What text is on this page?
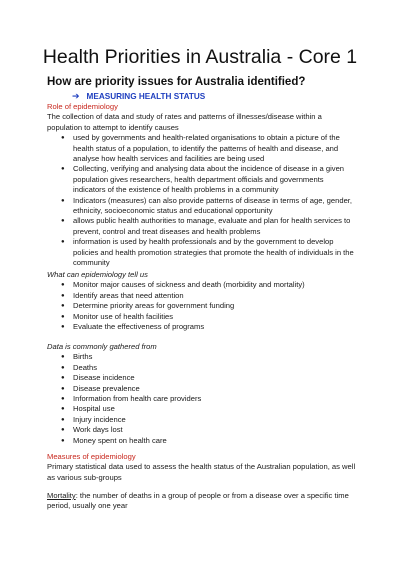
Health Priorities in Australia - Core 1
How are priority issues for Australia identified?
➔ MEASURING HEALTH STATUS
Role of epidemiology
The collection of data and study of rates and patterns of illnesses/disease within a population to attempt to identify causes
● used by governments and health-related organisations to obtain a picture of the health status of a population, to identify the patterns of health and disease, and analyse how health services and facilities are being used
● Collecting, verifying and analysing data about the incidence of disease in a given population gives researchers, health department officials and governments indicators of the existence of health problems in a community
● Indicators (measures) can also provide patterns of disease in terms of age, gender, ethnicity, socioeconomic status and educational opportunity
● allows public health authorities to manage, evaluate and plan for health services to prevent, control and treat diseases and health problems
● information is used by health professionals and by the government to develop policies and health promotion strategies that promote the health of individuals in the community
What can epidemiology tell us
● Monitor major causes of sickness and death (morbidity and mortality)
● Identify areas that need attention
● Determine priority areas for government funding
● Monitor use of health facilities
● Evaluate the effectiveness of programs
Data is commonly gathered from
● Births
● Deaths
● Disease incidence
● Disease prevalence
● Information from health care providers
● Hospital use
● Injury incidence
● Work days lost
● Money spent on health care
Measures of epidemiology
Primary statistical data used to assess the health status of the Australian population, as well as various sub-groups
Mortality: the number of deaths in a group of people or from a disease over a specific time period, usually one year
